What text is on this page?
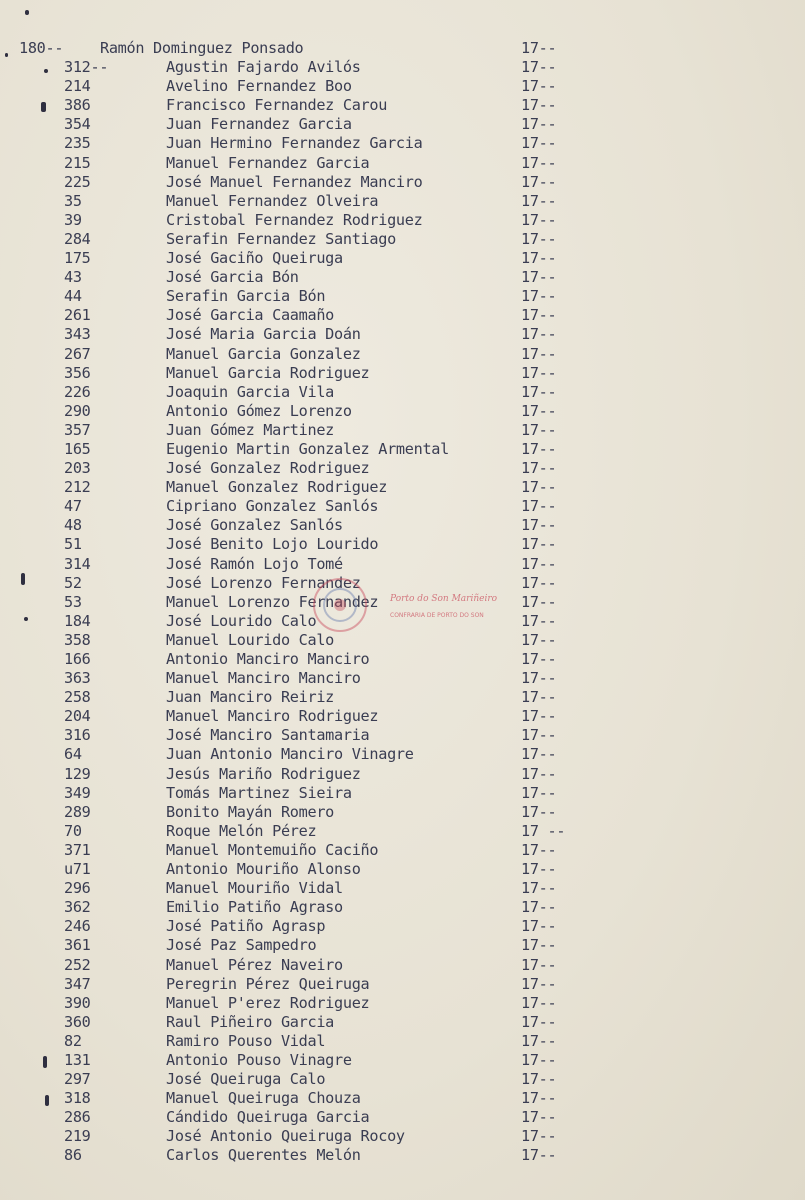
180--	Ramón Dominguez Ponsado	17--
312--	Agustin Fajardo Avilós	17--
214	Avelino Fernandez Boo	17--
386	Francisco Fernandez Carou	17--
354	Juan Fernandez Garcia	17--
235	Juan Hermino Fernandez Garcia	17--
215	Manuel Fernandez Garcia	17--
225	José Manuel Fernandez Manciro	17--
35	Manuel Fernandez Olveira	17--
39	Cristobal Fernandez Rodriguez	17--
284	Serafin Fernandez Santiago	17--
175	José Gaciño Queiruga	17--
43	José Garcia Bón	17--
44	Serafin Garcia Bón	17--
261	José Garcia Caamaño	17--
343	José Maria Garcia Doán	17--
267	Manuel Garcia Gonzalez	17--
356	Manuel Garcia Rodriguez	17--
226	Joaquin Garcia Vila	17--
290	Antonio Gómez Lorenzo	17--
357	Juan Gómez Martinez	17--
165	Eugenio Martin Gonzalez Armental	17--
203	José Gonzalez Rodriguez	17--
212	Manuel Gonzalez Rodriguez	17--
47	Cipriano Gonzalez Sanlós	17--
48	José Gonzalez Sanlós	17--
51	José Benito Lojo Lourido	17--
314	José Ramón Lojo Tomé	17--
52	José Lorenzo Fernandez	17--
53	Manuel Lorenzo Fernandez	17--
184	José Lourido Calo	17--
358	Manuel Lourido Calo	17--
166	Antonio Manciro Manciro	17--
363	Manuel Manciro Manciro	17--
258	Juan Manciro Reiriz	17--
204	Manuel Manciro Rodriguez	17--
316	José Manciro Santamaria	17--
64	Juan Antonio Manciro Vinagre	17--
129	Jesús Mariño Rodriguez	17--
349	Tomás Martinez Sieira	17--
289	Bonito Mayán Romero	17--
70	Roque Melón Pérez	17 --
371	Manuel Montemuiño Caciño	17--
u71	Antonio Mouriño Alonso	17--
296	Manuel Mouriño Vidal	17--
362	Emilio Patiño Agraso	17--
246	José Patiño Agrasp	17--
361	José Paz Sampedro	17--
252	Manuel Pérez Naveiro	17--
347	Peregrin Pérez Queiruga	17--
390	Manuel P'erez Rodriguez	17--
360	Raul Piñeiro Garcia	17--
82	Ramiro Pouso Vidal	17--
131	Antonio Pouso Vinagre	17--
297	José Queiruga Calo	17--
318	Manuel Queiruga Chouza	17--
286	Cándido Queiruga Garcia	17--
219	José Antonio Queiruga Rocoy	17--
86	Carlos Querentes Melón	17--
Porto do Son Mariñeiro
CONFRARIA DE PORTO DO SON
